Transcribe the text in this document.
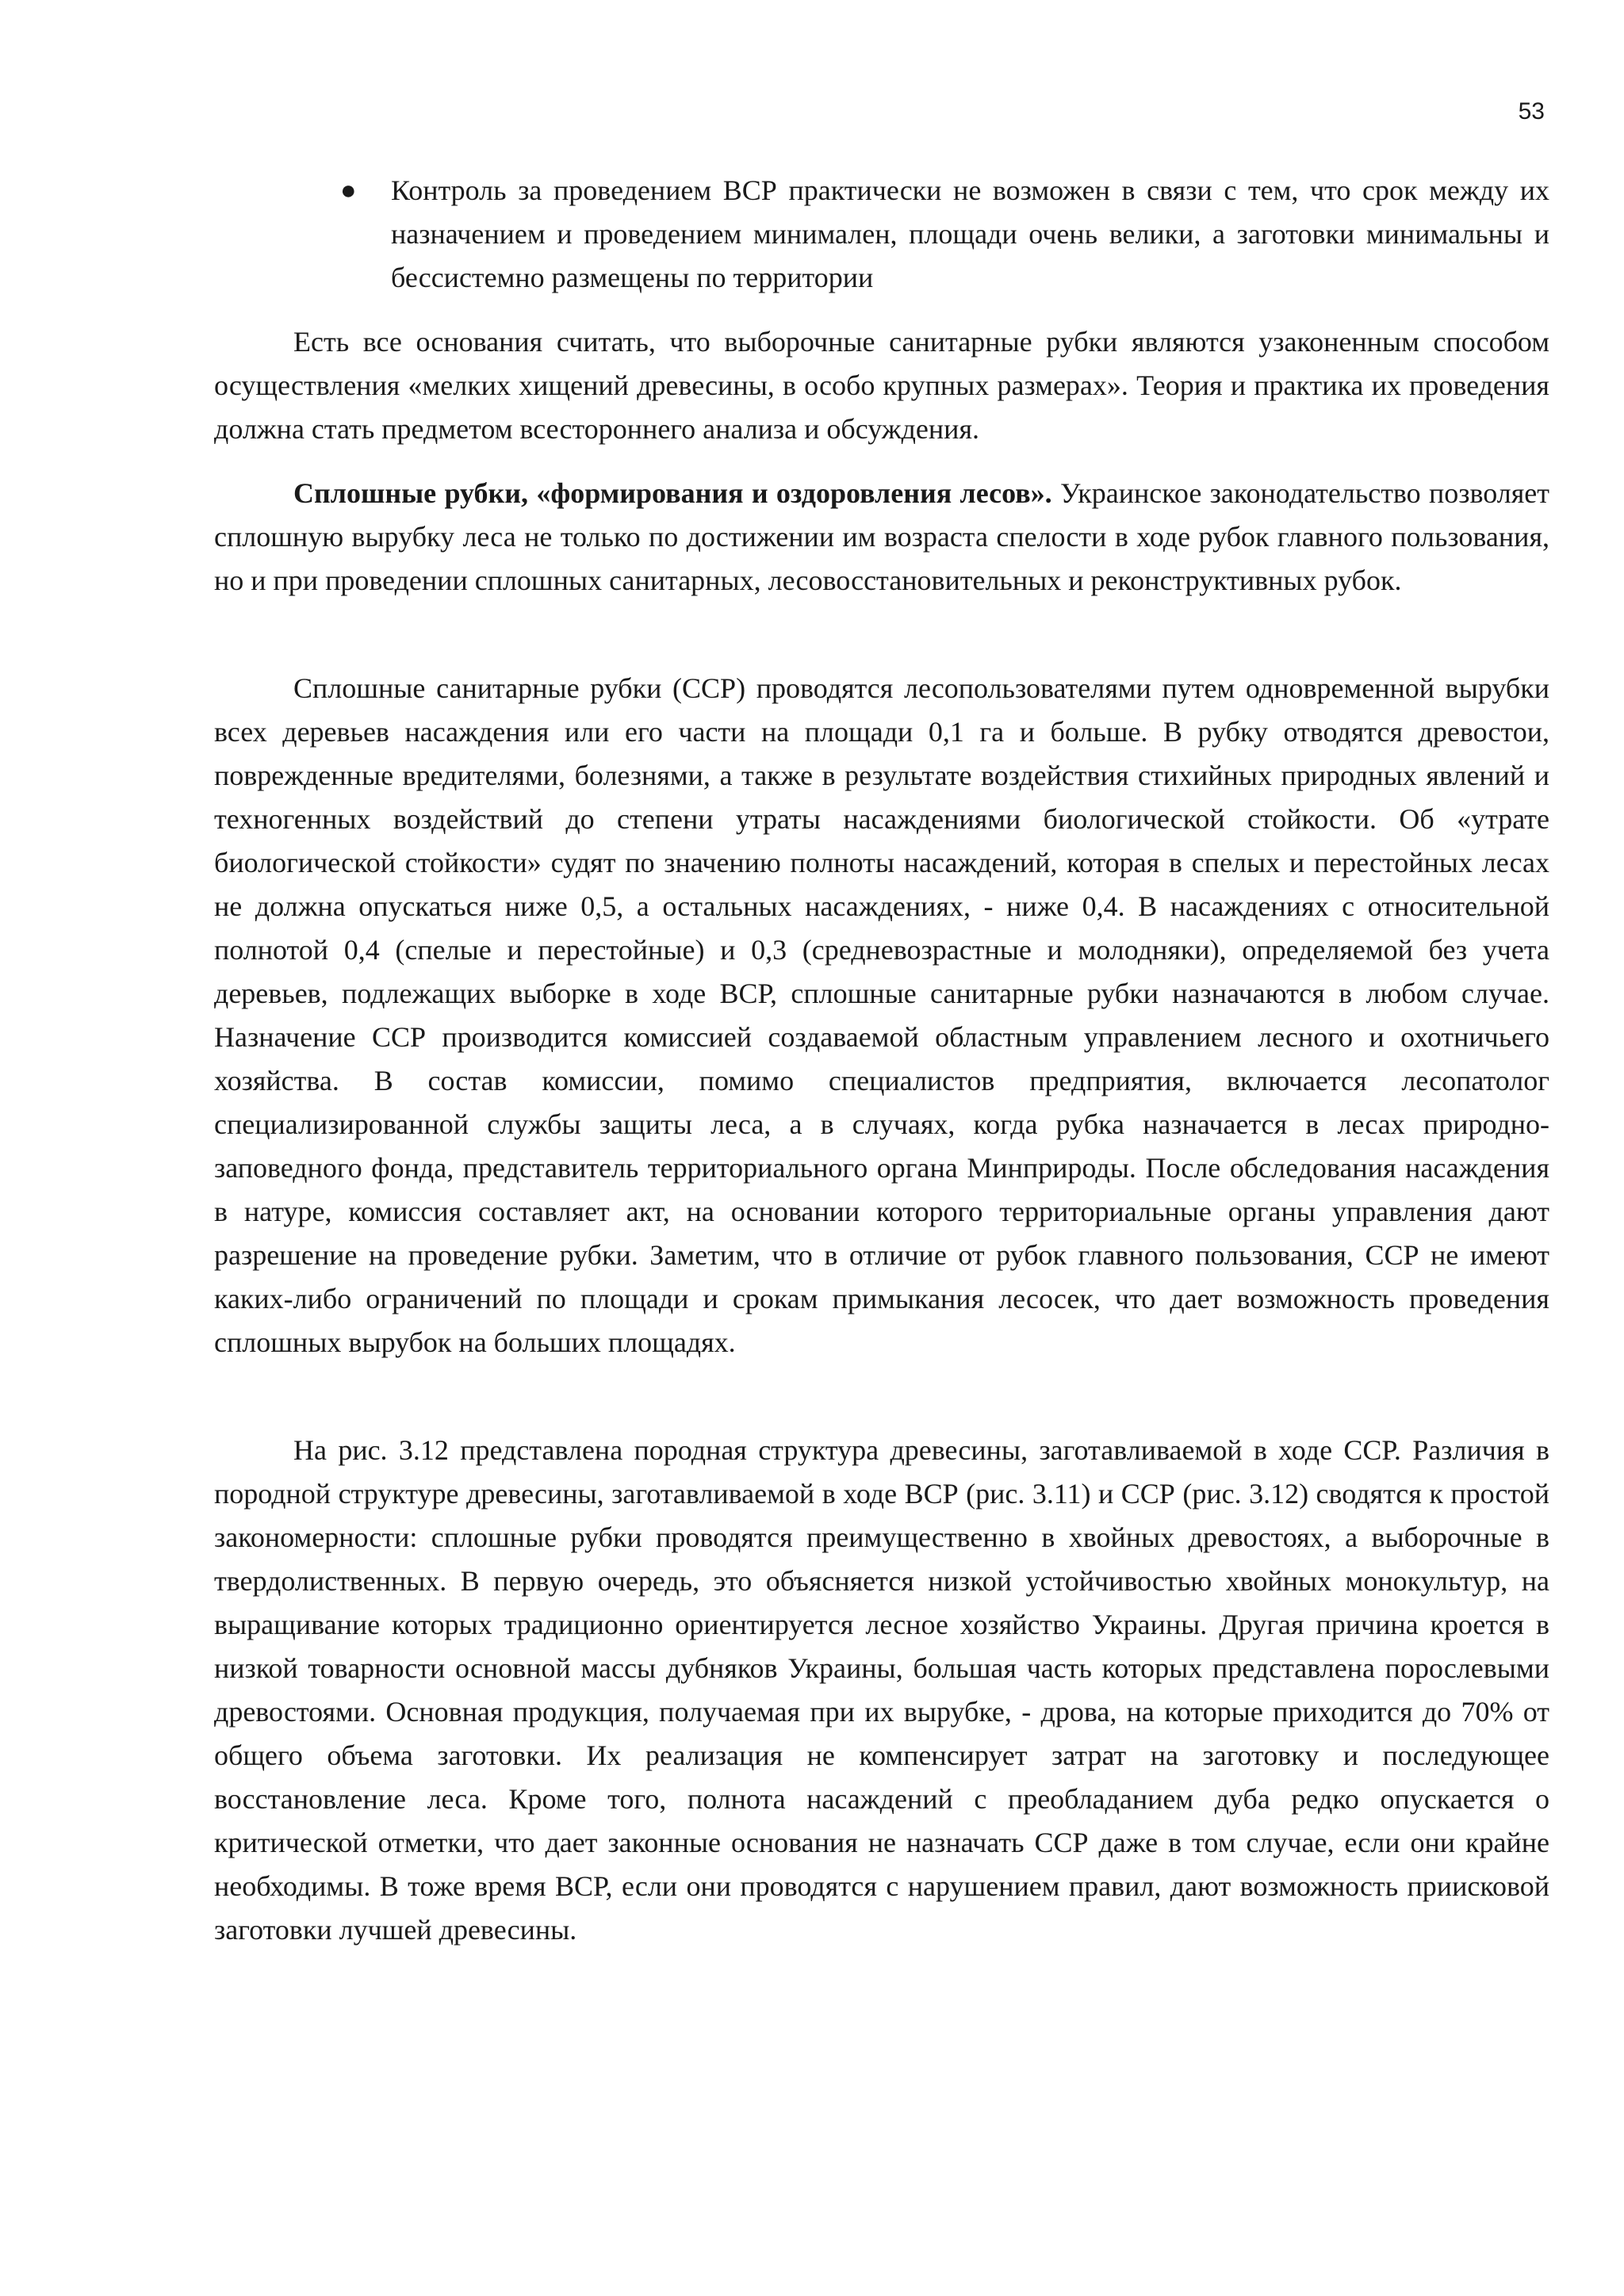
53
● Контроль за проведением ВСР практически не возможен в связи с тем, что срок между их назначением и проведением минимален, площади очень велики, а заготовки минимальны и бессистемно размещены по территории

Есть все основания считать, что выборочные санитарные рубки являются узаконенным способом осуществления «мелких хищений древесины, в особо крупных размерах». Теория и практика их проведения должна стать предметом всестороннего анализа и обсуждения.

Сплошные рубки, «формирования и оздоровления лесов». Украинское законодательство позволяет сплошную вырубку леса не только по достижении им возраста спелости в ходе рубок главного пользования, но и при проведении сплошных санитарных, лесовосстановительных и реконструктивных рубок.

Сплошные санитарные рубки (ССР) проводятся лесопользователями путем одновременной вырубки всех деревьев насаждения или его части на площади 0,1 га и больше. В рубку отводятся древостои, поврежденные вредителями, болезнями, а также в результате воздействия стихийных природных явлений и техногенных воздействий до степени утраты насаждениями биологической стойкости. Об «утрате биологической стойкости» судят по значению полноты насаждений, которая в спелых и перестойных лесах не должна опускаться ниже 0,5, а остальных насаждениях, - ниже 0,4. В насаждениях с относительной полнотой 0,4 (спелые и перестойные) и 0,3 (средневозрастные и молодняки), определяемой без учета деревьев, подлежащих выборке в ходе ВСР, сплошные санитарные рубки назначаются в любом случае. Назначение ССР производится комиссией создаваемой областным управлением лесного и охотничьего хозяйства. В состав комиссии, помимо специалистов предприятия, включается лесопатолог специализированной службы защиты леса, а в случаях, когда рубка назначается в лесах природно-заповедного фонда, представитель территориального органа Минприроды. После обследования насаждения в натуре, комиссия составляет акт, на основании которого территориальные органы управления дают разрешение на проведение рубки. Заметим, что в отличие от рубок главного пользования, ССР не имеют каких-либо ограничений по площади и срокам примыкания лесосек, что дает возможность проведения сплошных вырубок на больших площадях.

На рис. 3.12 представлена породная структура древесины, заготавливаемой в ходе ССР. Различия в породной структуре древесины, заготавливаемой в ходе ВСР (рис. 3.11) и ССР (рис. 3.12) сводятся к простой закономерности: сплошные рубки проводятся преимущественно в хвойных древостоях, а выборочные в твердолиственных. В первую очередь, это объясняется низкой устойчивостью хвойных монокультур, на выращивание которых традиционно ориентируется лесное хозяйство Украины. Другая причина кроется в низкой товарности основной массы дубняков Украины, большая часть которых представлена порослевыми древостоями. Основная продукция, получаемая при их вырубке, - дрова, на которые приходится до 70% от общего объема заготовки. Их реализация не компенсирует затрат на заготовку и последующее восстановление леса. Кроме того, полнота насаждений с преобладанием дуба редко опускается о критической отметки, что дает законные основания не назначать ССР даже в том случае, если они крайне необходимы. В тоже время ВСР, если они проводятся с нарушением правил, дают возможность приисковой заготовки лучшей древесины.
